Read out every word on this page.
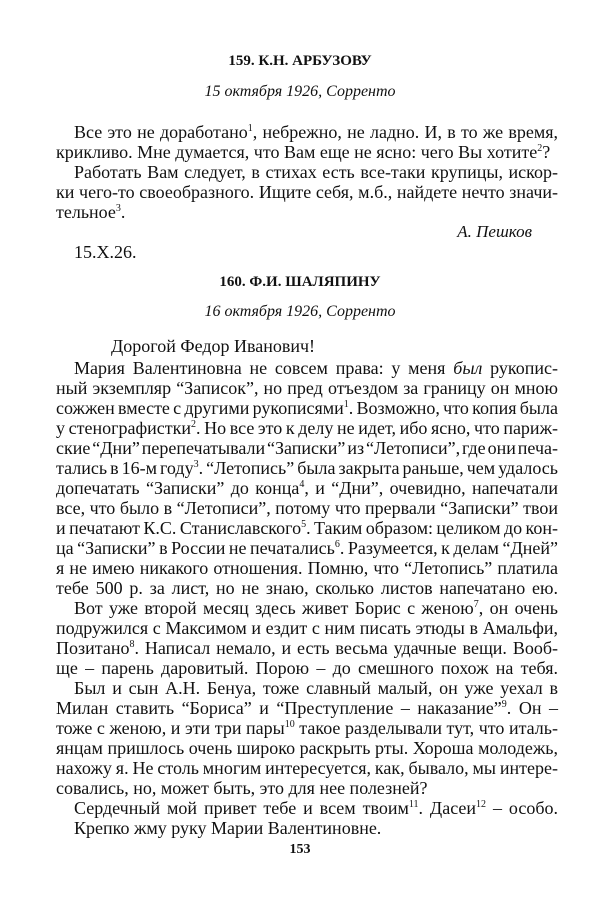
159. К.Н. АРБУЗОВУ
15 октября 1926, Сорренто
Все это не доработано$^1$, небрежно, не ладно. И, в то же время,
крикливо. Мне думается, что Вам еще не ясно: чего Вы хотите$^2$?
Работать Вам следует, в стихах есть все-таки крупицы, искор-
ки чего-то своеобразного. Ищите себя, м.б., найдете нечто значи-
тельное$^3$.
А. Пешков
15.X.26.
160. Ф.И. ШАЛЯПИНУ
16 октября 1926, Сорренто
Дорогой Федор Иванович!
Мария Валентиновна не совсем права: у меня был рукопис-
ный экземпляр “Записок”, но пред отъездом за границу он мною
сожжен вместе с другими рукописями$^1$. Возможно, что копия была
у стенографистки$^2$. Но все это к делу не идет, ибо ясно, что париж-
ские “Дни” перепечатывали “Записки” из “Летописи”, где они печа-
тались в 16-м году$^3$. “Летопись” была закрыта раньше, чем удалось
допечатать “Записки” до конца$^4$, и “Дни”, очевидно, напечатали
все, что было в “Летописи”, потому что прервали “Записки” твои
и печатают К.С. Станиславского$^5$. Таким образом: целиком до кон-
ца “Записки” в России не печатались$^6$. Разумеется, к делам “Дней”
я не имею никакого отношения. Помню, что “Летопись” платила
тебе 500 р. за лист, но не знаю, сколько листов напечатано ею.
Вот уже второй месяц здесь живет Борис с женою$^7$, он очень
подружился с Максимом и ездит с ним писать этюды в Амальфи,
Позитано$^8$. Написал немало, и есть весьма удачные вещи. Вооб-
ще – парень даровитый. Порою – до смешного похож на тебя.
Был и сын А.Н. Бенуа, тоже славный малый, он уже уехал в
Милан ставить “Бориса” и “Преступление – наказание”$^9$. Он –
тоже с женою, и эти три пары$^{10}$ такое разделывали тут, что италь-
янцам пришлось очень широко раскрыть рты. Хороша молодежь,
нахожу я. Не столь многим интересуется, как, бывало, мы интере-
совались, но, может быть, это для нее полезней?
Сердечный мой привет тебе и всем твоим$^{11}$. Дасеи$^{12}$ – особо.
Крепко жму руку Марии Валентиновне.
153
